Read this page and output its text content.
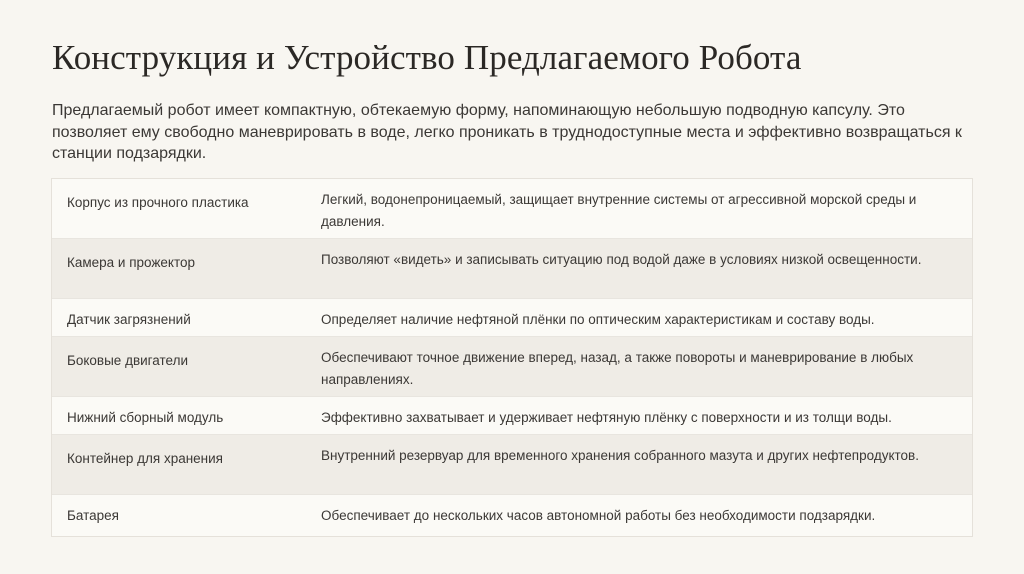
Конструкция и Устройство Предлагаемого Робота

Предлагаемый робот имеет компактную, обтекаемую форму, напоминающую небольшую подводную капсулу. Это позволяет ему свободно маневрировать в воде, легко проникать в труднодоступные места и эффективно возвращаться к станции подзарядки.

Корпус из прочного пластика	Легкий, водонепроницаемый, защищает внутренние системы от агрессивной морской среды и давления.
Камера и прожектор	Позволяют «видеть» и записывать ситуацию под водой даже в условиях низкой освещенности.
Датчик загрязнений	Определяет наличие нефтяной плёнки по оптическим характеристикам и составу воды.
Боковые двигатели	Обеспечивают точное движение вперед, назад, а также повороты и маневрирование в любых направлениях.
Нижний сборный модуль	Эффективно захватывает и удерживает нефтяную плёнку с поверхности и из толщи воды.
Контейнер для хранения	Внутренний резервуар для временного хранения собранного мазута и других нефтепродуктов.
Батарея	Обеспечивает до нескольких часов автономной работы без необходимости подзарядки.
